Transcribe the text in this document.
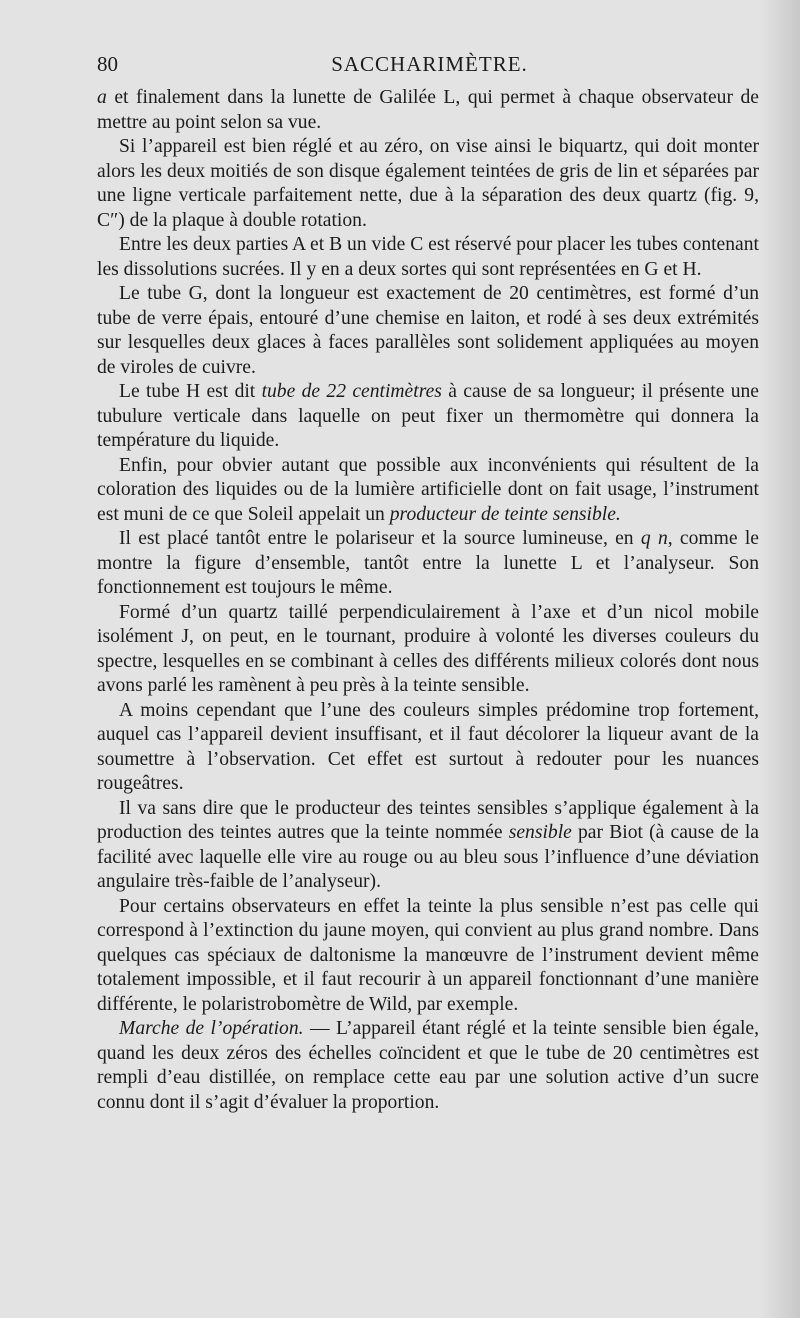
80	SACCHARIMÈTRE.

a et finalement dans la lunette de Galilée L, qui permet à chaque observateur de mettre au point selon sa vue.

Si l’appareil est bien réglé et au zéro, on vise ainsi le biquartz, qui doit monter alors les deux moitiés de son disque également teintées de gris de lin et séparées par une ligne verticale parfaitement nette, due à la séparation des deux quartz (fig. 9, C″) de la plaque à double rotation.

Entre les deux parties A et B un vide C est réservé pour placer les tubes contenant les dissolutions sucrées. Il y en a deux sortes qui sont représentées en G et H.

Le tube G, dont la longueur est exactement de 20 centimètres, est formé d’un tube de verre épais, entouré d’une chemise en laiton, et rodé à ses deux extrémités sur lesquelles deux glaces à faces parallèles sont solidement appliquées au moyen de viroles de cuivre.

Le tube H est dit tube de 22 centimètres à cause de sa longueur; il présente une tubulure verticale dans laquelle on peut fixer un thermomètre qui donnera la température du liquide.

Enfin, pour obvier autant que possible aux inconvénients qui résultent de la coloration des liquides ou de la lumière artificielle dont on fait usage, l’instrument est muni de ce que Soleil appelait un producteur de teinte sensible.

Il est placé tantôt entre le polariseur et la source lumineuse, en q n, comme le montre la figure d’ensemble, tantôt entre la lunette L et l’analyseur. Son fonctionnement est toujours le même.

Formé d’un quartz taillé perpendiculairement à l’axe et d’un nicol mobile isolément J, on peut, en le tournant, produire à volonté les diverses couleurs du spectre, lesquelles en se combinant à celles des différents milieux colorés dont nous avons parlé les ramènent à peu près à la teinte sensible.

A moins cependant que l’une des couleurs simples prédomine trop fortement, auquel cas l’appareil devient insuffisant, et il faut décolorer la liqueur avant de la soumettre à l’observation. Cet effet est surtout à redouter pour les nuances rougeâtres.

Il va sans dire que le producteur des teintes sensibles s’applique également à la production des teintes autres que la teinte nommée sensible par Biot (à cause de la facilité avec laquelle elle vire au rouge ou au bleu sous l’influence d’une déviation angulaire très-faible de l’analyseur).

Pour certains observateurs en effet la teinte la plus sensible n’est pas celle qui correspond à l’extinction du jaune moyen, qui convient au plus grand nombre. Dans quelques cas spéciaux de daltonisme la manœuvre de l’instrument devient même totalement impossible, et il faut recourir à un appareil fonctionnant d’une manière différente, le polaristrobomètre de Wild, par exemple.

Marche de l’opération. — L’appareil étant réglé et la teinte sensible bien égale, quand les deux zéros des échelles coïncident et que le tube de 20 centimètres est rempli d’eau distillée, on remplace cette eau par une solution active d’un sucre connu dont il s’agit d’évaluer la proportion.
